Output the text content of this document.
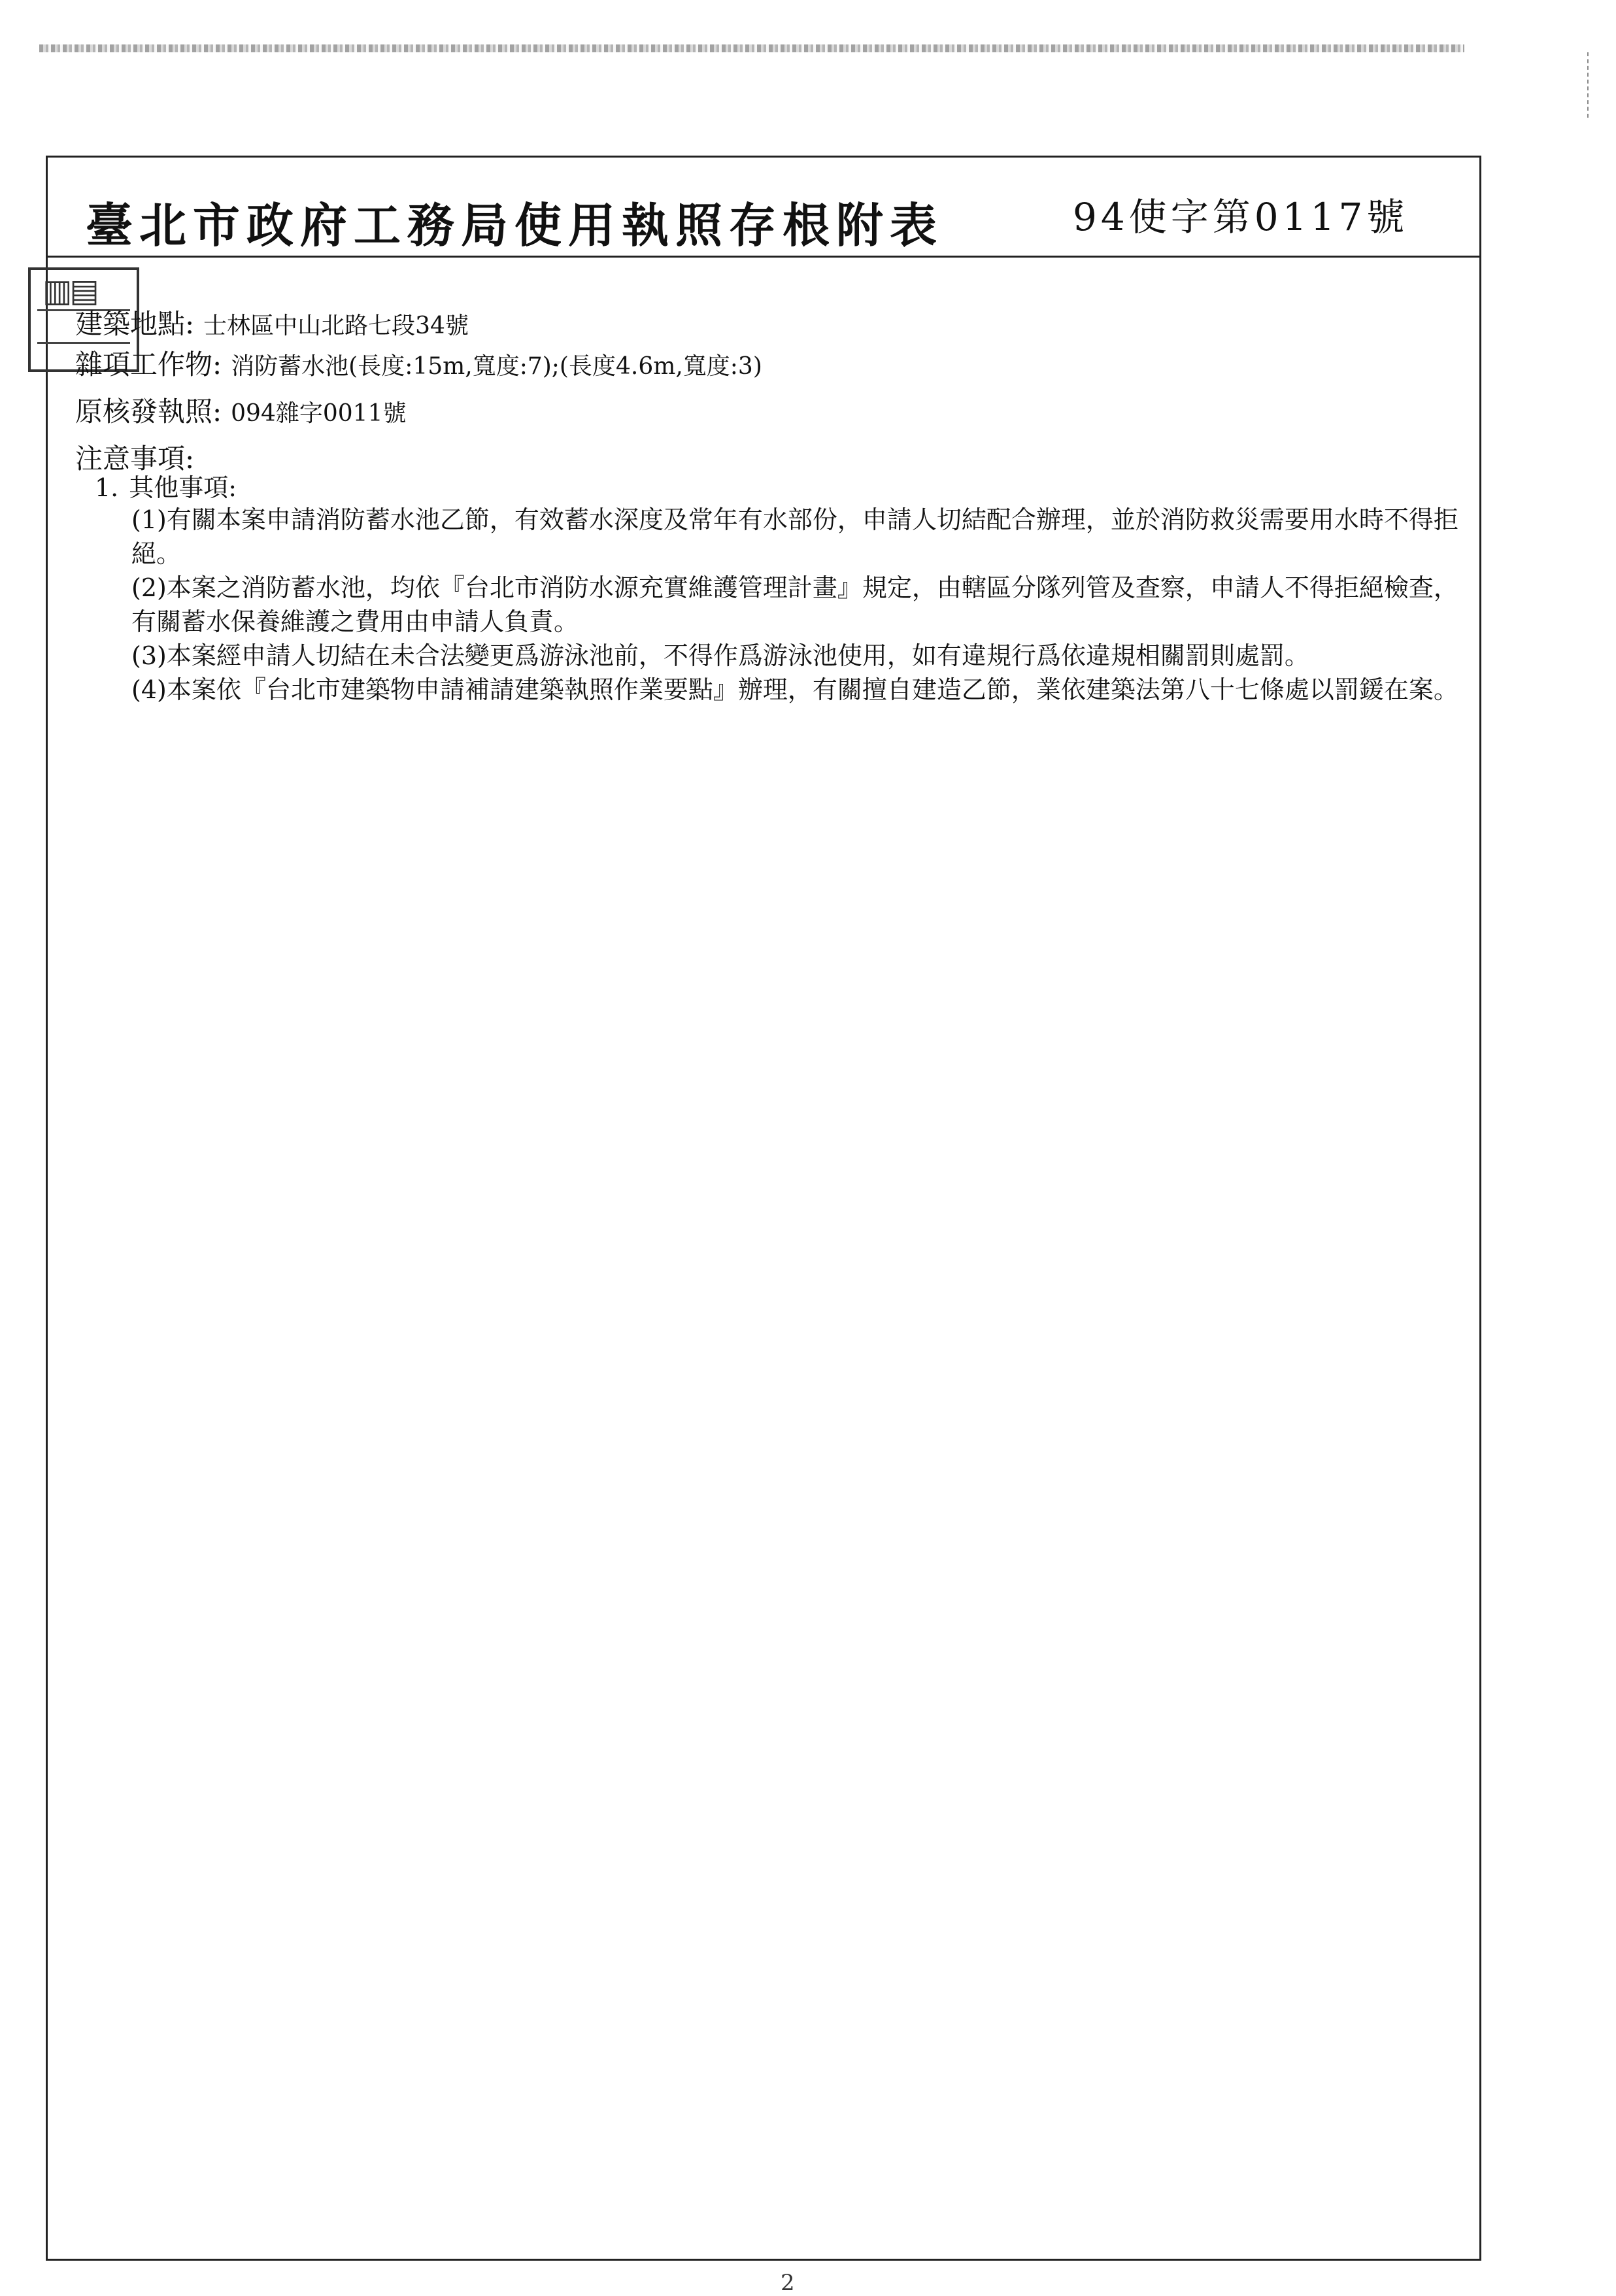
臺北市政府工務局使用執照存根附表	94使字第0117號
▥▤
建築地點: 士林區中山北路七段34號
雜項工作物: 消防蓄水池(長度:15m,寬度:7);(長度4.6m,寬度:3)
原核發執照: 094雜字0011號
注意事項:
1. 其他事項:

(1)有關本案申請消防蓄水池乙節，有效蓄水深度及常年有水部份，申請人切結配合辦理，並於消防救災需要用水時不得拒絕。

(2)本案之消防蓄水池，均依『台北市消防水源充實維護管理計畫』規定，由轄區分隊列管及查察，申請人不得拒絕檢查，有關蓄水保養維護之費用由申請人負責。

(3)本案經申請人切結在未合法變更爲游泳池前，不得作爲游泳池使用，如有違規行爲依違規相關罰則處罰。

(4)本案依『台北市建築物申請補請建築執照作業要點』辦理，有關擅自建造乙節，業依建築法第八十七條處以罰鍰在案。

2
